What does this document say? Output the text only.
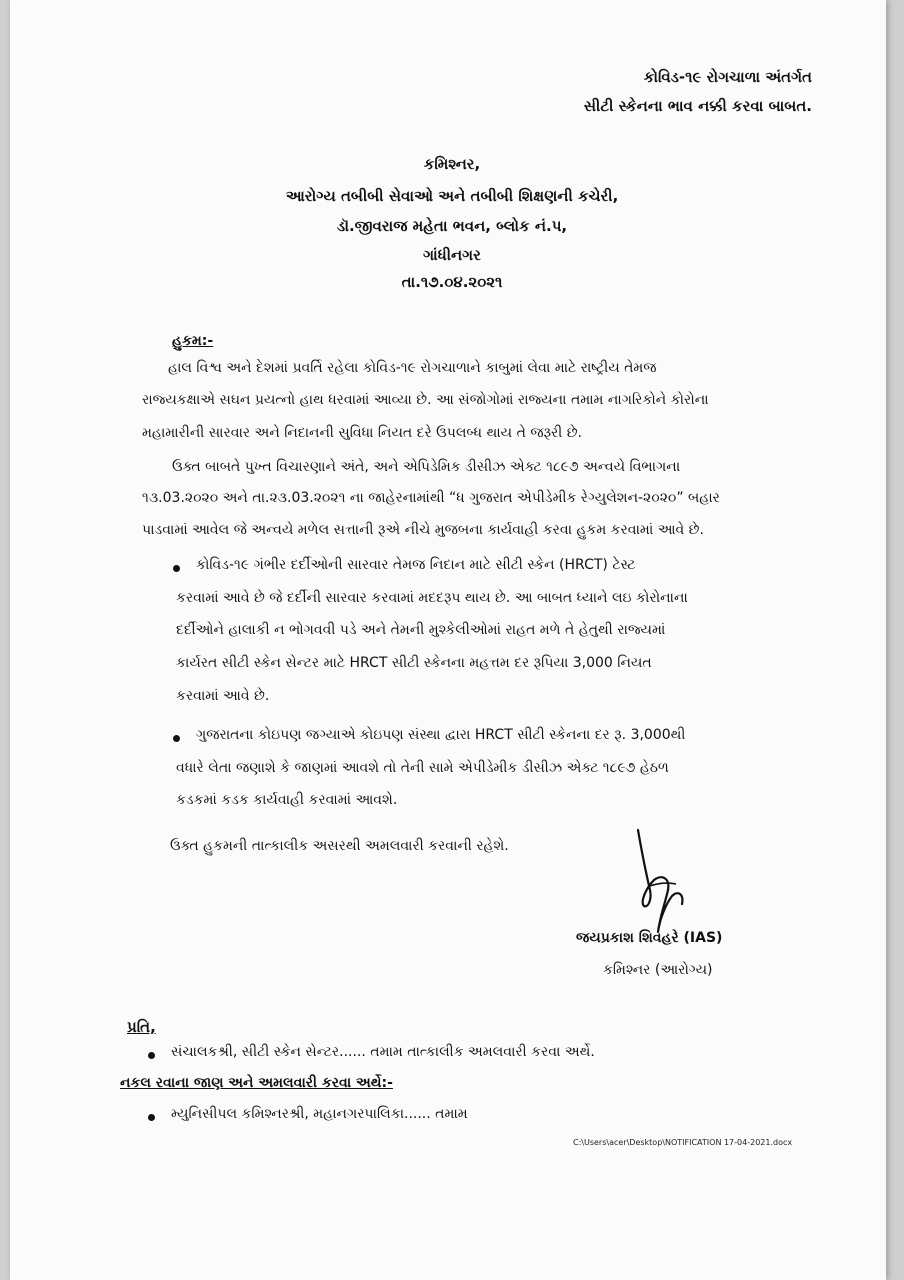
કોવિડ-૧૯ રોગચાળા અંતર્ગત
સીટી સ્કેનના ભાવ નક્કી કરવા બાબત.
કમિશ્નર,
આરોગ્ય તબીબી સેવાઓ અને તબીબી શિક્ષણની કચેરી,
ડૉ.જીવરાજ મહેતા ભવન, બ્લોક નં.પ,
ગાંધીનગર
તા.૧૭.૦૪.૨૦૨૧
હુકમ:-
હાલ વિશ્વ અને દેશમાં પ્રવર્તિ રહેલા કોવિડ-૧૯ રોગચાળાને કાબુમાં લેવા માટે રાષ્ટ્રીય તેમજ
રાજ્યકક્ષાએ સઘન પ્રયત્નો હાથ ધરવામાં આવ્યા છે. આ સંજોગોમાં રાજ્યના તમામ નાગરિકોને કોરોના
મહામારીની સારવાર અને નિદાનની સુવિધા નિયત દરે ઉપલબ્ધ થાય તે જરૂરી છે.
ઉક્ત બાબતે પુખ્ત વિચારણાને અંતે, અને એપિડેમિક ડીસીઝ એક્ટ ૧૮૯૭ અન્વયે વિભાગના
૧૩.03.૨૦૨૦ અને તા.૨૩.03.૨૦૨૧ ના જાહેરનામાંથી “ધ ગુજરાત એપીડેમીક રેગ્યુલેશન-૨૦૨૦” બહાર
પાડવામાં આવેલ જે અન્વયે મળેલ સત્તાની રૂએ નીચે મુજબના કાર્યવાહી કરવા હુકમ કરવામાં આવે છે.
કોવિડ-૧૯ ગંભીર દર્દીઓની સારવાર તેમજ નિદાન માટે સીટી સ્કેન (HRCT) ટેસ્ટ
કરવામાં આવે છે જે દર્દીની સારવાર કરવામાં મદદરૂપ થાય છે. આ બાબત ધ્યાને લઇ કોરોનાના
દર્દીઓને હાલાકી ન ભોગવવી પડે અને તેમની મુશ્કેલીઓમાં રાહત મળે તે હેતુથી રાજ્યમાં
કાર્યરત સીટી સ્કેન સેન્ટર માટે HRCT સીટી સ્કેનના મહત્તમ દર રૂપિયા 3,000 નિયત
કરવામાં આવે છે.
ગુજરાતના કોઇપણ જગ્યાએ કોઇપણ સંસ્થા દ્વારા HRCT સીટી સ્કેનના દર રૂ. 3,000થી
વધારે લેતા જણાશે કે જાણમાં આવશે તો તેની સામે એપીડેમીક ડીસીઝ એક્ટ ૧૮૯૭ હેઠળ
કડકમાં કડક કાર્યવાહી કરવામાં આવશે.
ઉક્ત હુકમની તાત્કાલીક અસરથી અમલવારી કરવાની રહેશે.
જયપ્રકાશ શિવહરે (IAS)
કમિશ્નર (આરોગ્ય)
પ્રતિ,
સંચાલકશ્રી, સીટી સ્કેન સેન્ટર...... તમામ તાત્કાલીક અમલવારી કરવા અર્થે.
નકલ રવાના જાણ અને અમલવારી કરવા અર્થે:-
મ્યુનિસીપલ કમિશ્નરશ્રી, મહાનગરપાલિકા...... તમામ
C:\Users\acer\Desktop\NOTIFICATION 17-04-2021.docx
